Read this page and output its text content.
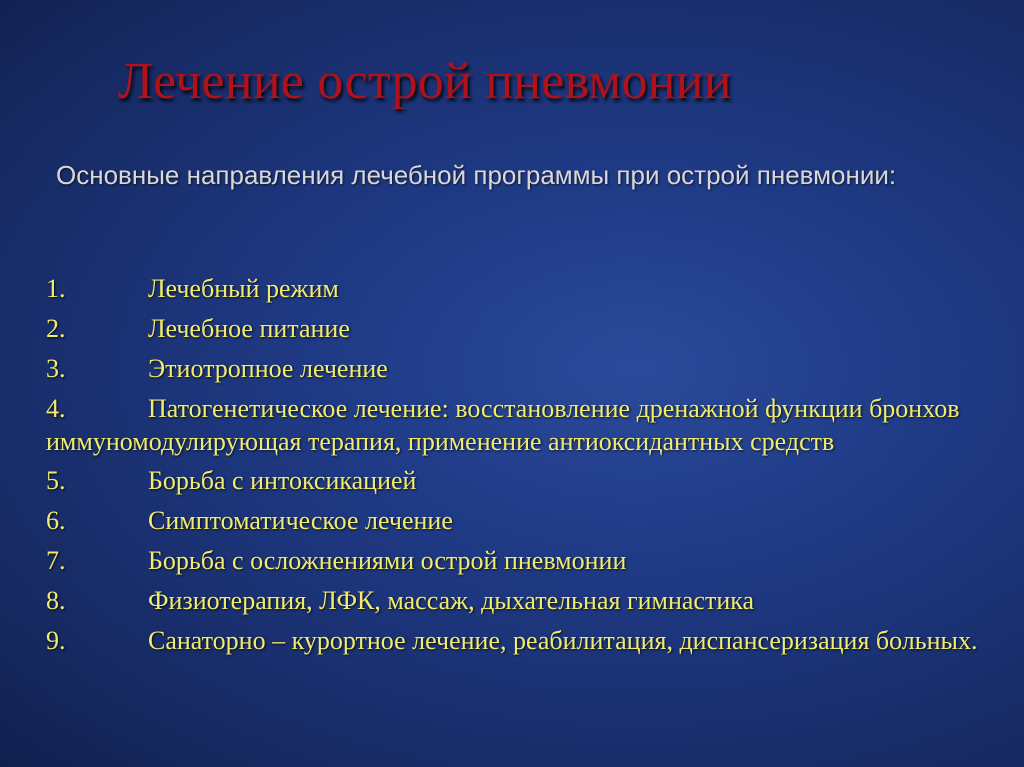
Лечение острой пневмонии

Основные направления лечебной программы при острой пневмонии:

1.	Лечебный режим
2.	Лечебное питание
3.	Этиотропное лечение
4.	Патогенетическое лечение: восстановление дренажной функции бронхов иммуномодулирующая терапия, применение антиоксидантных средств
5.	Борьба с интоксикацией
6.	Симптоматическое лечение
7.	Борьба с осложнениями острой пневмонии
8.	Физиотерапия, ЛФК, массаж, дыхательная гимнастика
9.	Санаторно – курортное лечение, реабилитация, диспансеризация больных.
